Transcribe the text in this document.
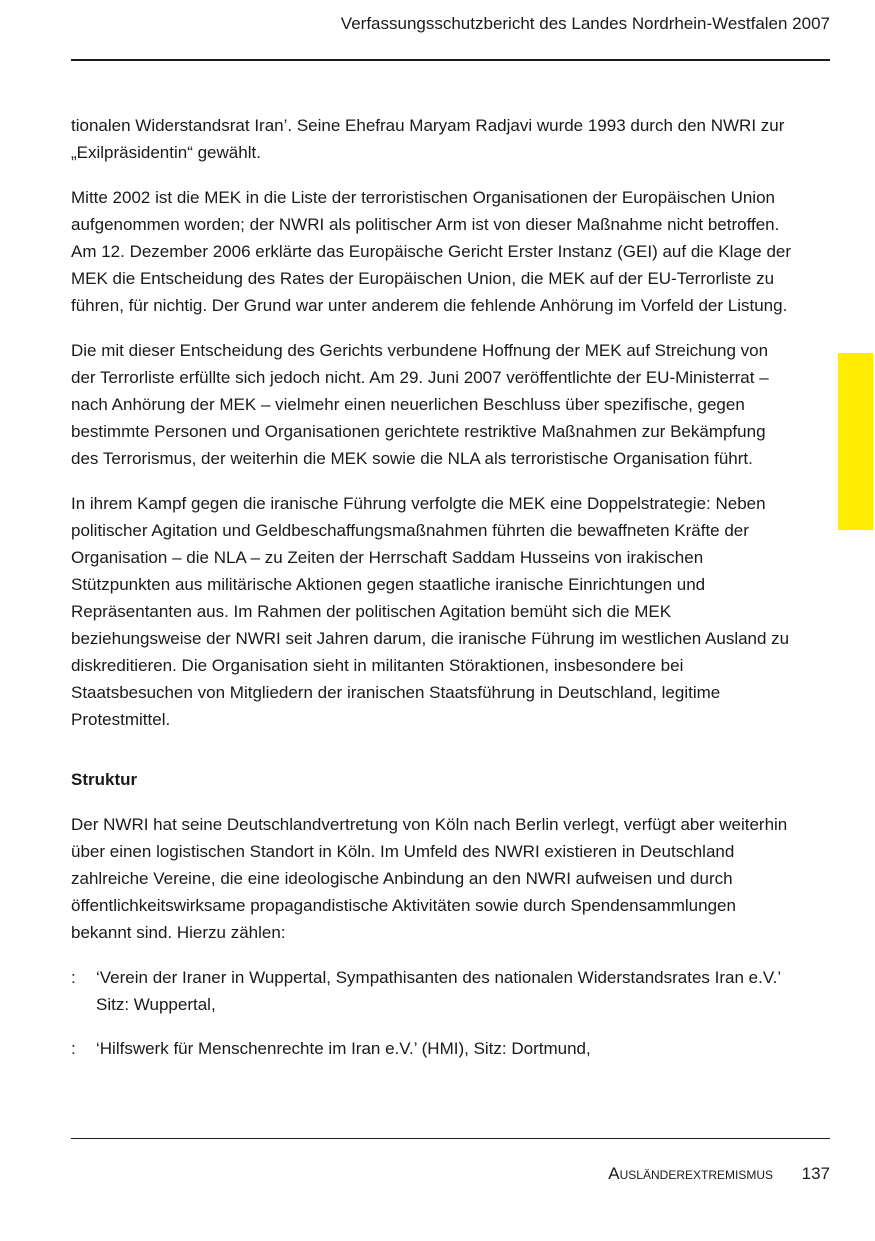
Verfassungsschutzbericht des Landes Nordrhein-Westfalen 2007

tionalen Widerstandsrat Iran’. Seine Ehefrau Maryam Radjavi wurde 1993 durch den NWRI zur „Exilpräsidentin“ gewählt.

Mitte 2002 ist die MEK in die Liste der terroristischen Organisationen der Europäischen Union aufgenommen worden; der NWRI als politischer Arm ist von dieser Maßnahme nicht betroffen. Am 12. Dezember 2006 erklärte das Europäische Gericht Erster Instanz (GEI) auf die Klage der MEK die Entscheidung des Rates der Europäischen Union, die MEK auf der EU-Terrorliste zu führen, für nichtig. Der Grund war unter anderem die fehlende Anhörung im Vorfeld der Listung.

Die mit dieser Entscheidung des Gerichts verbundene Hoffnung der MEK auf Streichung von der Terrorliste erfüllte sich jedoch nicht. Am 29. Juni 2007 veröffentlichte der EU-Ministerrat – nach Anhörung der MEK – vielmehr einen neuerlichen Beschluss über spezifische, gegen bestimmte Personen und Organisationen gerichtete restriktive Maßnahmen zur Bekämpfung des Terrorismus, der weiterhin die MEK sowie die NLA als terroristische Organisation führt.

In ihrem Kampf gegen die iranische Führung verfolgte die MEK eine Doppelstrategie: Neben politischer Agitation und Geldbeschaffungsmaßnahmen führten die bewaffneten Kräfte der Organisation – die NLA – zu Zeiten der Herrschaft Saddam Husseins von irakischen Stützpunkten aus militärische Aktionen gegen staatliche iranische Einrichtungen und Repräsentanten aus. Im Rahmen der politischen Agitation bemüht sich die MEK beziehungsweise der NWRI seit Jahren darum, die iranische Führung im westlichen Ausland zu diskreditieren. Die Organisation sieht in militanten Störaktionen, insbesondere bei Staatsbesuchen von Mitgliedern der iranischen Staatsführung in Deutschland, legitime Protestmittel.

Struktur

Der NWRI hat seine Deutschlandvertretung von Köln nach Berlin verlegt, verfügt aber weiterhin über einen logistischen Standort in Köln. Im Umfeld des NWRI existieren in Deutschland zahlreiche Vereine, die eine ideologische Anbindung an den NWRI aufweisen und durch öffentlichkeitswirksame propagandistische Aktivitäten sowie durch Spendensammlungen bekannt sind. Hierzu zählen:

: ‘Verein der Iraner in Wuppertal, Sympathisanten des nationalen Widerstandsrates Iran e.V.’ Sitz: Wuppertal,
: ‘Hilfswerk für Menschenrechte im Iran e.V.’ (HMI), Sitz: Dortmund,
Ausländerextremismus 137
